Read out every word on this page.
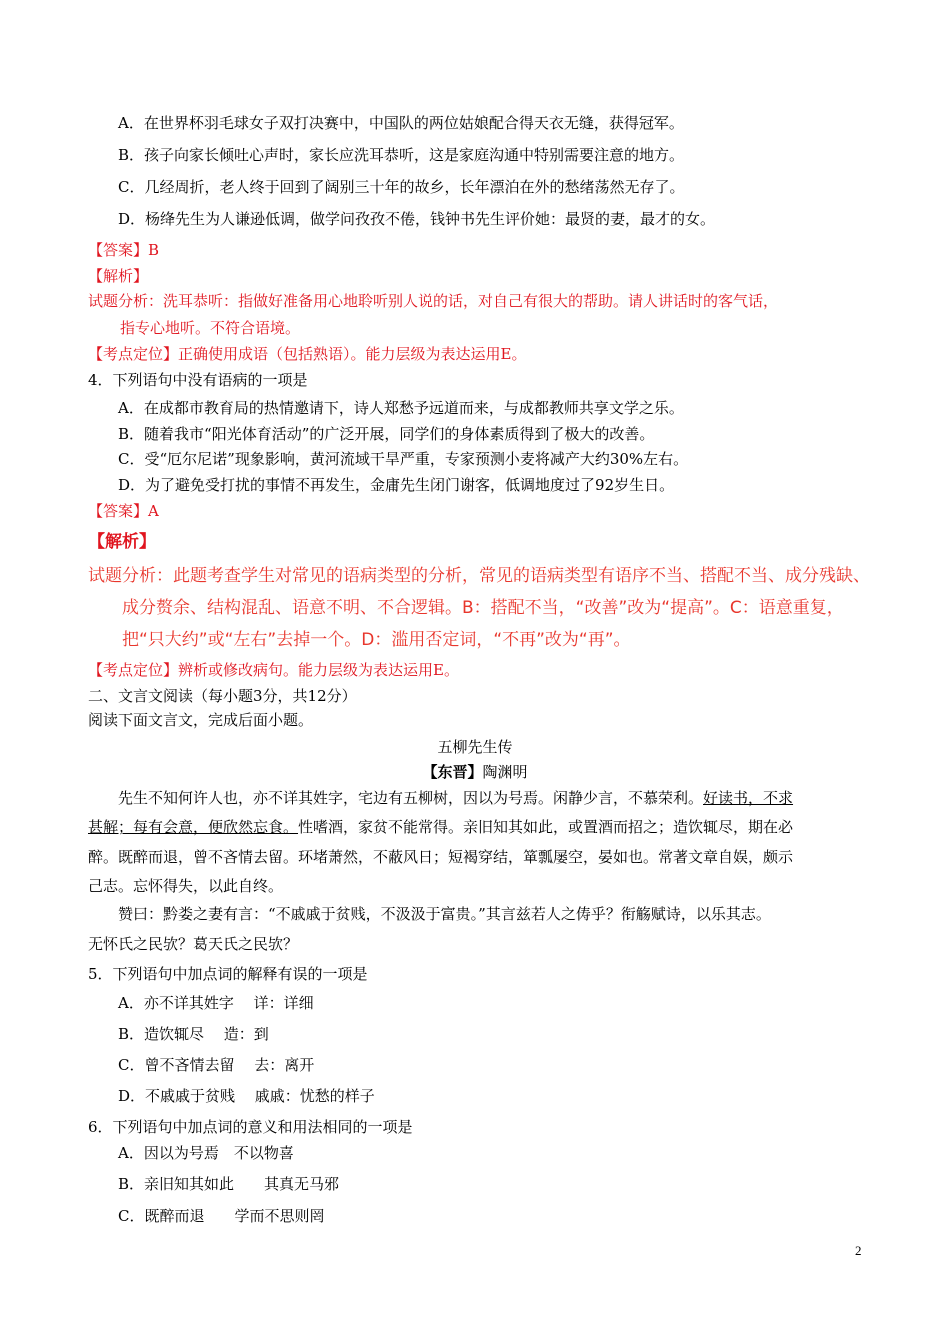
A．在世界杯羽毛球女子双打决赛中，中国队的两位姑娘配合得天衣无缝，获得冠军。
B．孩子向家长倾吐心声时，家长应洗耳恭听，这是家庭沟通中特别需要注意的地方。
C．几经周折，老人终于回到了阔别三十年的故乡，长年漂泊在外的愁绪荡然无存了。
D．杨绛先生为人谦逊低调，做学问孜孜不倦，钱钟书先生评价她：最贤的妻，最才的女。
【答案】B
【解析】
试题分析：洗耳恭听：指做好准备用心地聆听别人说的话，对自己有很大的帮助。请人讲话时的客气话，
指专心地听。不符合语境。
【考点定位】正确使用成语（包括熟语）。能力层级为表达运用E。
4．下列语句中没有语病的一项是
A．在成都市教育局的热情邀请下，诗人郑愁予远道而来，与成都教师共享文学之乐。
B．随着我市“阳光体育活动”的广泛开展，同学们的身体素质得到了极大的改善。
C．受“厄尔尼诺”现象影响，黄河流域干旱严重，专家预测小麦将减产大约30%左右。
D．为了避免受打扰的事情不再发生，金庸先生闭门谢客，低调地度过了92岁生日。
【答案】A
【解析】
试题分析：此题考查学生对常见的语病类型的分析，常见的语病类型有语序不当、搭配不当、成分残缺、
成分赘余、结构混乱、语意不明、不合逻辑。B：搭配不当，“改善”改为“提高”。C：语意重复，
把“只大约”或“左右”去掉一个。D：滥用否定词，“不再”改为“再”。
【考点定位】辨析或修改病句。能力层级为表达运用E。
二、文言文阅读（每小题3分，共12分）
阅读下面文言文，完成后面小题。
五柳先生传
【东晋】陶渊明
先生不知何许人也，亦不详其姓字，宅边有五柳树，因以为号焉。闲静少言，不慕荣利。好读书，不求
甚解；每有会意，便欣然忘食。性嗜酒，家贫不能常得。亲旧知其如此，或置酒而招之；造饮辄尽，期在必
醉。既醉而退，曾不吝情去留。环堵萧然，不蔽风日；短褐穿结，箪瓢屡空，晏如也。常著文章自娱，颇示
己志。忘怀得失，以此自终。
赞曰：黔娄之妻有言：“不戚戚于贫贱，不汲汲于富贵。”其言兹若人之俦乎？衔觞赋诗，以乐其志。
无怀氏之民欤？葛天氏之民欤？
5．下列语句中加点词的解释有误的一项是
A．亦不详其姓字　 详：详细
B．造饮辄尽　 造：到
C．曾不吝情去留　 去：离开
D．不戚戚于贫贱　 戚戚：忧愁的样子
6．下列语句中加点词的意义和用法相同的一项是
A．因以为号焉　不以物喜
B．亲旧知其如此　　其真无马邪
C．既醉而退　　学而不思则罔
2
